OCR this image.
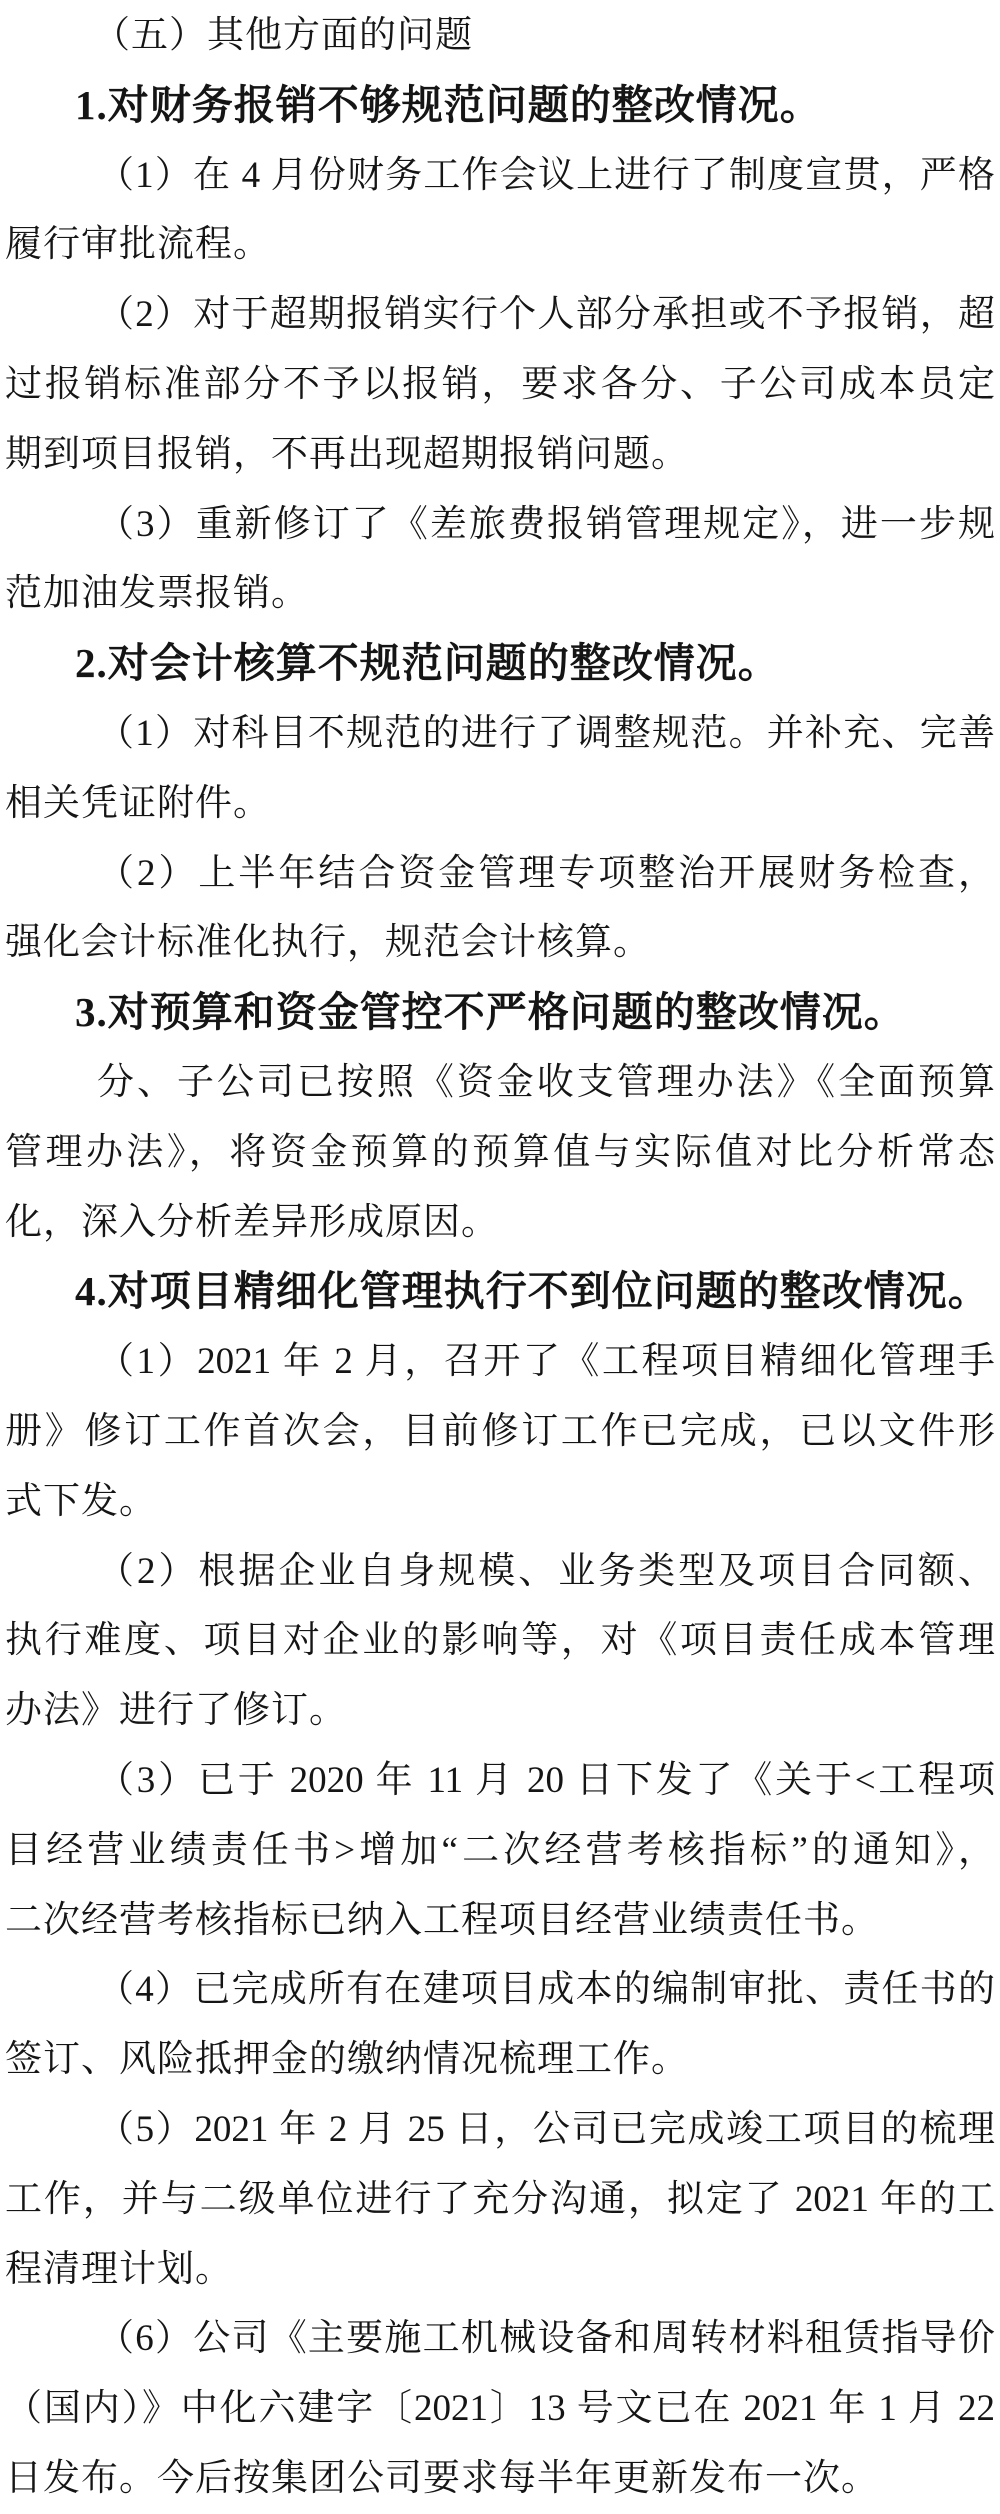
（五）其他方面的问题
1.对财务报销不够规范问题的整改情况。
（1）在 4 月份财务工作会议上进行了制度宣贯，严格
履行审批流程。
（2）对于超期报销实行个人部分承担或不予报销，超
过报销标准部分不予以报销，要求各分、子公司成本员定
期到项目报销，不再出现超期报销问题。
（3）重新修订了《差旅费报销管理规定》，进一步规
范加油发票报销。
2.对会计核算不规范问题的整改情况。
（1）对科目不规范的进行了调整规范。并补充、完善
相关凭证附件。
（2）上半年结合资金管理专项整治开展财务检查，
强化会计标准化执行，规范会计核算。
3.对预算和资金管控不严格问题的整改情况。
分、子公司已按照《资金收支管理办法》《全面预算
管理办法》，将资金预算的预算值与实际值对比分析常态
化，深入分析差异形成原因。
4.对项目精细化管理执行不到位问题的整改情况。
（1）2021 年 2 月，召开了《工程项目精细化管理手
册》修订工作首次会，目前修订工作已完成，已以文件形
式下发。
（2）根据企业自身规模、业务类型及项目合同额、
执行难度、项目对企业的影响等，对《项目责任成本管理
办法》进行了修订。
（3）已于 2020 年 11 月 20 日下发了《关于<工程项
目经营业绩责任书>增加“二次经营考核指标”的通知》，
二次经营考核指标已纳入工程项目经营业绩责任书。
（4）已完成所有在建项目成本的编制审批、责任书的
签订、风险抵押金的缴纳情况梳理工作。
（5）2021 年 2 月 25 日，公司已完成竣工项目的梳理
工作，并与二级单位进行了充分沟通，拟定了 2021 年的工
程清理计划。
（6）公司《主要施工机械设备和周转材料租赁指导价
（国内）》中化六建字〔2021〕13 号文已在 2021 年 1 月 22
日发布。今后按集团公司要求每半年更新发布一次。
